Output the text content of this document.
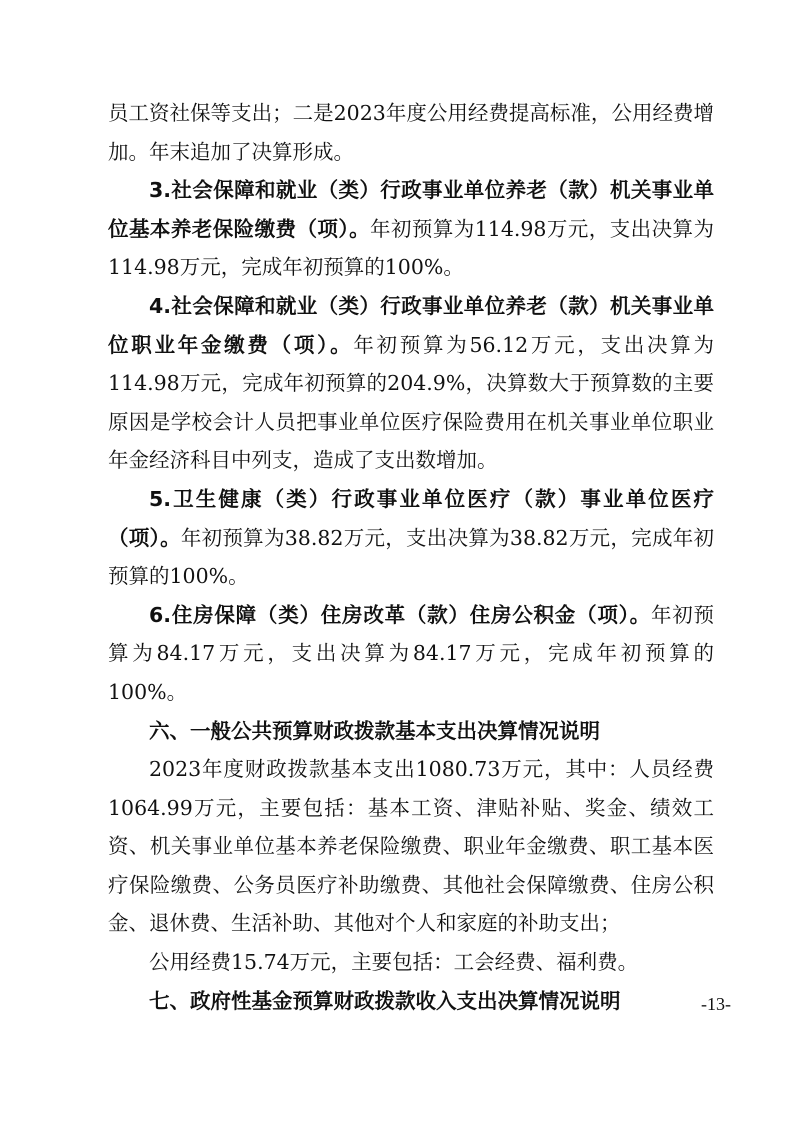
员工资社保等支出；二是2023年度公用经费提高标准，公用经费增加。年末追加了决算形成。

3.社会保障和就业（类）行政事业单位养老（款）机关事业单位基本养老保险缴费（项）。年初预算为114.98万元，支出决算为114.98万元，完成年初预算的100%。

4.社会保障和就业（类）行政事业单位养老（款）机关事业单位职业年金缴费（项）。年初预算为56.12万元，支出决算为114.98万元，完成年初预算的204.9%，决算数大于预算数的主要原因是学校会计人员把事业单位医疗保险费用在机关事业单位职业年金经济科目中列支，造成了支出数增加。

5.卫生健康（类）行政事业单位医疗（款）事业单位医疗（项）。年初预算为38.82万元，支出决算为38.82万元，完成年初预算的100%。

6.住房保障（类）住房改革（款）住房公积金（项）。年初预算为84.17万元，支出决算为84.17万元，完成年初预算的100%。

六、一般公共预算财政拨款基本支出决算情况说明

2023年度财政拨款基本支出1080.73万元，其中：人员经费1064.99万元，主要包括：基本工资、津贴补贴、奖金、绩效工资、机关事业单位基本养老保险缴费、职业年金缴费、职工基本医疗保险缴费、公务员医疗补助缴费、其他社会保障缴费、住房公积金、退休费、生活补助、其他对个人和家庭的补助支出；

公用经费15.74万元，主要包括：工会经费、福利费。

七、政府性基金预算财政拨款收入支出决算情况说明	-13-
